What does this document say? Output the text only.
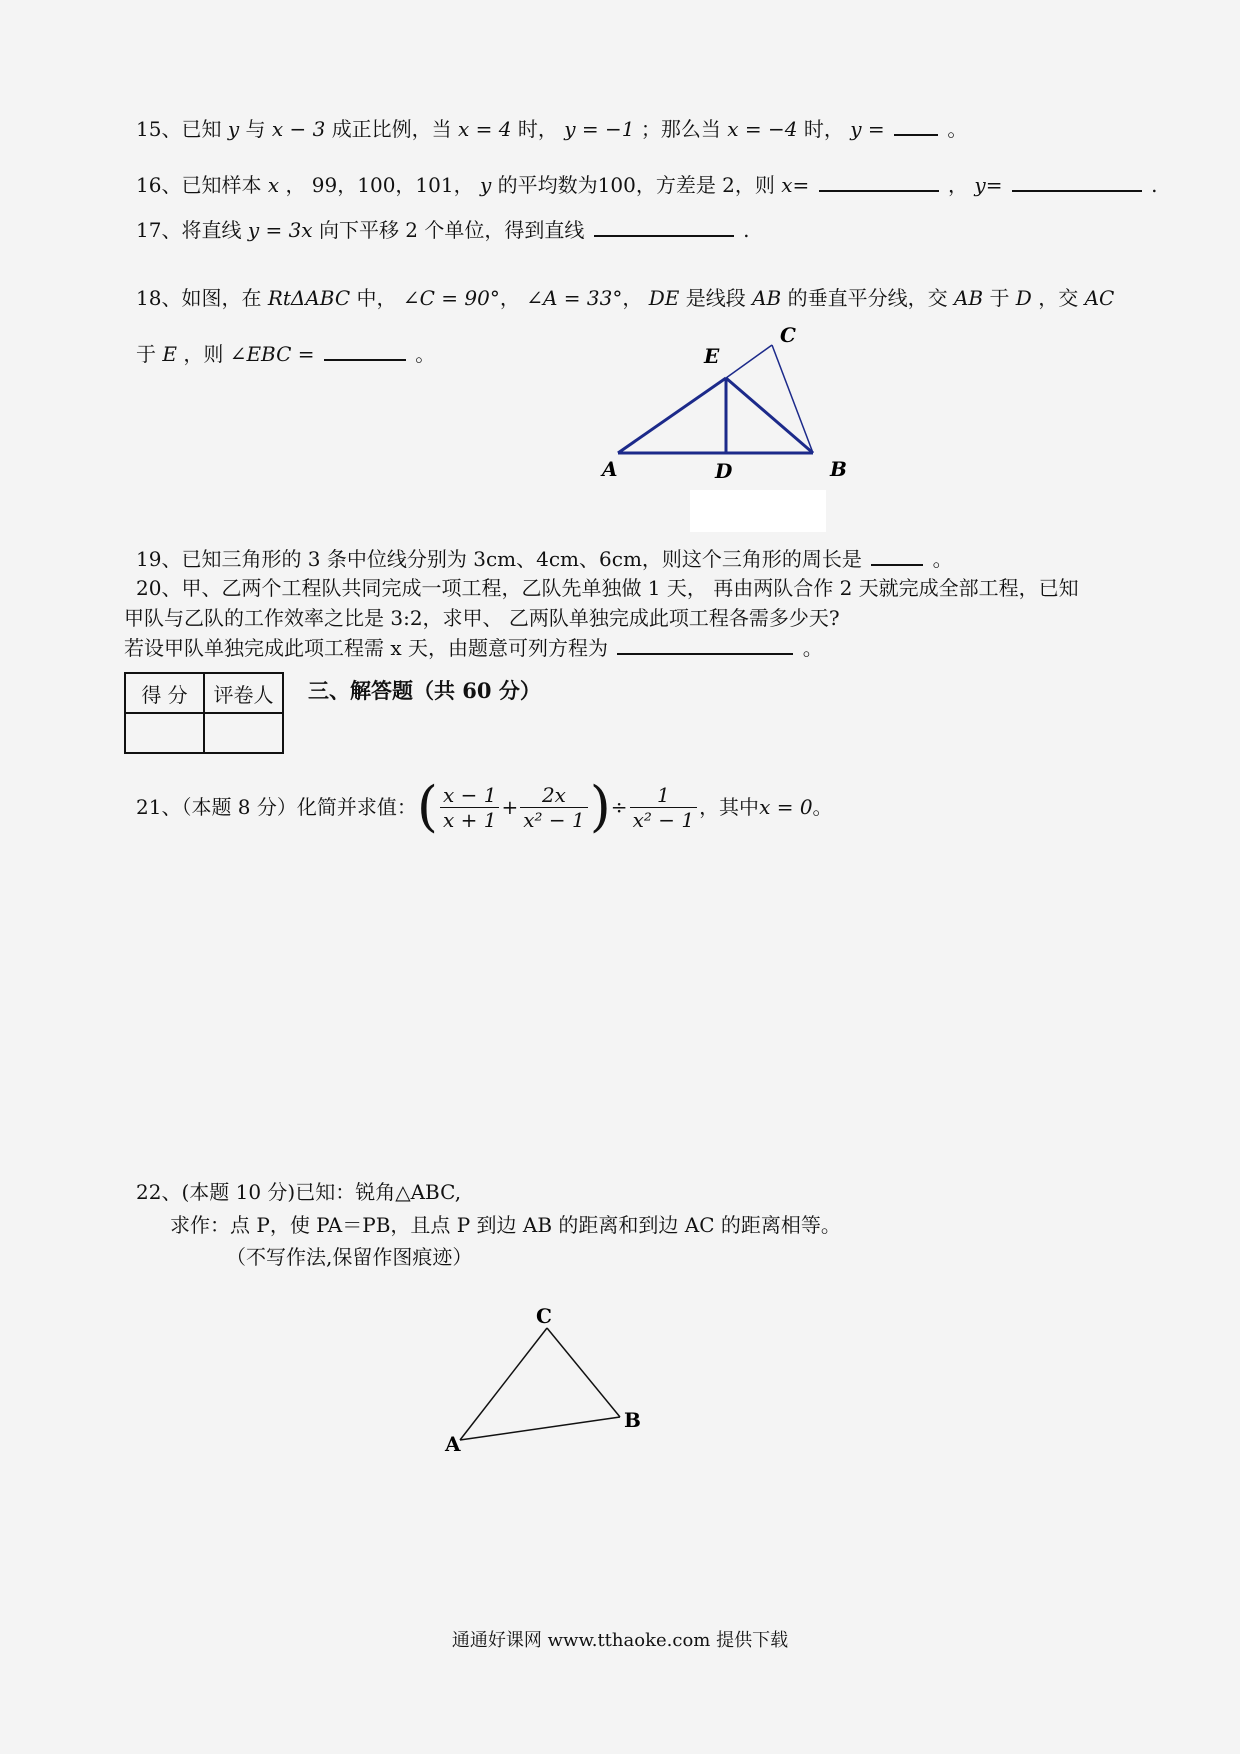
15、已知 y 与 x − 3 成正比例，当 x = 4 时， y = −1 ；那么当 x = −4 时， y =	。
16、已知样本 x ， 99，100，101， y 的平均数为100，方差是 2，则 x=	， y=	.
17、将直线 y = 3x 向下平移 2 个单位，得到直线	.
18、如图，在 RtΔABC 中， ∠C = 90°， ∠A = 33°， DE 是线段 AB 的垂直平分线，交 AB 于 D ，交 AC
于 E ，则 ∠EBC =	。
A	D	B
E
C
19、已知三角形的 3 条中位线分别为 3cm、4cm、6cm，则这个三角形的周长是	。
20、甲、乙两个工程队共同完成一项工程，乙队先单独做 1 天， 再由两队合作 2 天就完成全部工程，已知
甲队与乙队的工作效率之比是 3:2，求甲、 乙两队单独完成此项工程各需多少天?
若设甲队单独完成此项工程需 x 天，由题意可列方程为	。
得 分	评卷人
	三、解答题（共 60 分）
21、（本题 8 分）化简并求值： ( $\frac{x - 1}{x + 1} + \frac{2x}{\text{x² − 1}}$ ) ÷ $\frac{1}{\text{x² − 1}}$ ，其中 x = 0 。
22、(本题 10 分)已知：锐角△ABC,
求作：点 P，使 PA＝PB，且点 P 到边 AB 的距离和到边 AC 的距离相等。
（不写作法,保留作图痕迹）
C
B
A
通通好课网 www.tthaoke.com 提供下载
